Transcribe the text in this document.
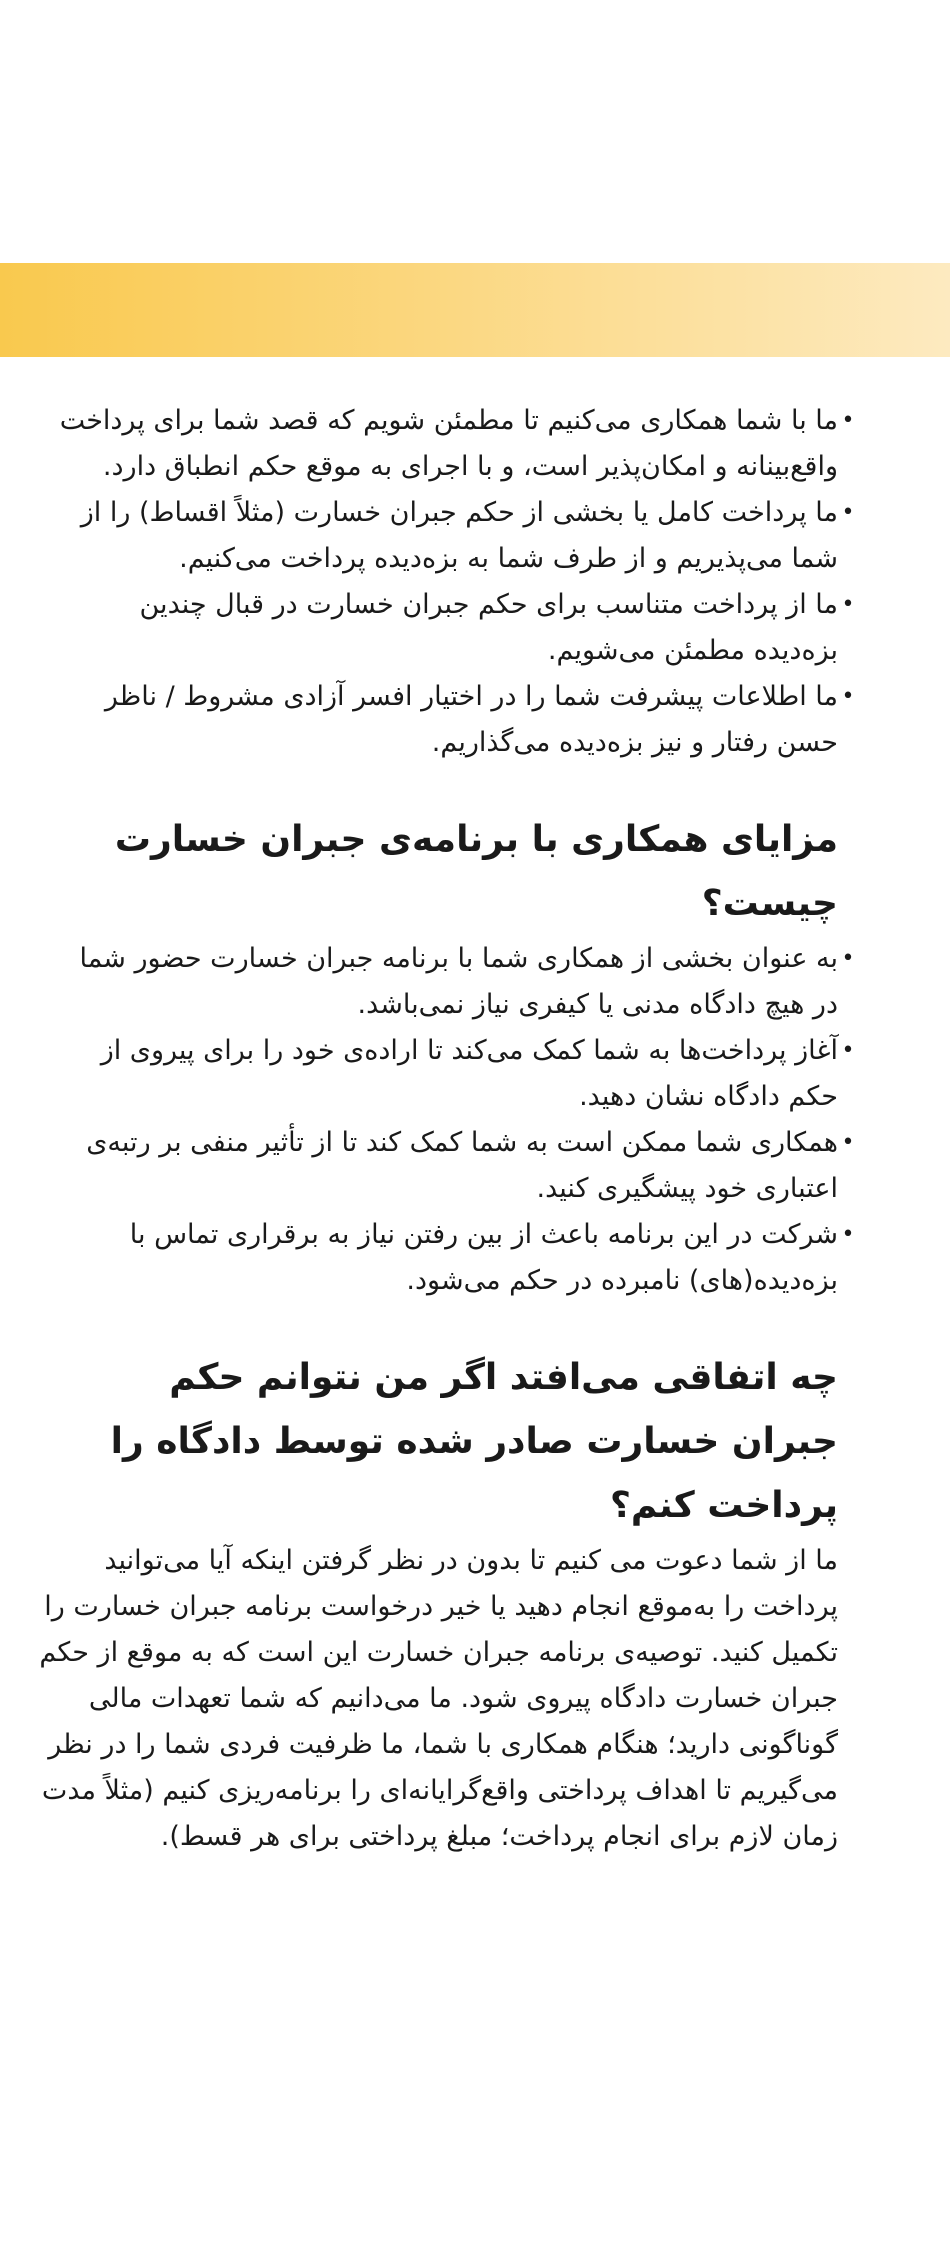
•
ما با شما همکاری می‌کنیم تا مطمئن شویم که قصد شما برای پرداخت واقع‌بینانه و امکان‌پذیر است، و با اجرای به موقع حکم انطباق دارد.
•
ما پرداخت کامل یا بخشی از حکم جبران خسارت (مثلاً اقساط) را از شما می‌پذیریم و از طرف شما به بزه‌دیده پرداخت می‌کنیم.
•
ما از پرداخت متناسب برای حکم جبران خسارت در قبال چندین بزه‌دیده مطمئن می‌شویم.
•
ما اطلاعات پیشرفت شما را در اختیار افسر آزادی مشروط / ناظر حسن رفتار و نیز بزه‌دیده می‌گذاریم.
مزایای همکاری با برنامه‌ی جبران خسارت چیست؟
•
به عنوان بخشی از همکاری شما با برنامه جبران خسارت حضور شما در هیچ دادگاه مدنی یا کیفری نیاز نمی‌باشد.
•
آغاز پرداخت‌ها به شما کمک می‌کند تا اراده‌ی خود را برای پیروی از حکم دادگاه نشان دهید.
•
همکاری شما ممکن است به شما کمک کند تا از تأثیر منفی بر رتبه‌ی اعتباری خود پیشگیری کنید.
•
شرکت در این برنامه باعث از بین رفتن نیاز به برقراری تماس با بزه‌دیده(های) نامبرده در حکم می‌شود.
چه اتفاقی می‌افتد اگر من نتوانم حکم جبران خسارت صادر شده توسط دادگاه را پرداخت کنم؟

ما از شما دعوت می کنیم تا بدون در نظر گرفتن اینکه آیا می‌توانید پرداخت را به‌موقع انجام دهید یا خیر درخواست برنامه جبران خسارت را تکمیل کنید. توصیه‌ی برنامه جبران خسارت این است که به موقع از حکم جبران خسارت دادگاه پیروی شود. ما می‌دانیم که شما تعهدات مالی گوناگونی دارید؛ هنگام همکاری با شما، ما ظرفیت فردی شما را در نظر می‌گیریم تا اهداف پرداختی واقع‌گرایانه‌ای را برنامه‌ریزی کنیم (مثلاً مدت زمان لازم برای انجام پرداخت؛ مبلغ پرداختی برای هر قسط).
